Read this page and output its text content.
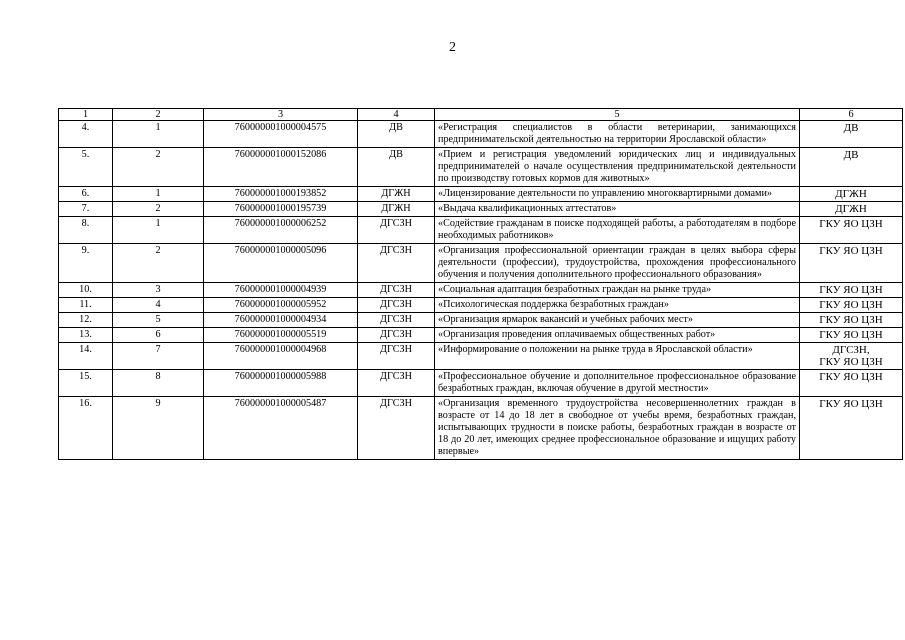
2
1	2	3	4	5	6
4.	1	760000001000004575	ДВ	«Регистрация специалистов в области ветеринарии, занимающихся предпринимательской деятельностью на территории Ярославской области»	ДВ

5.	2	760000001000152086	ДВ	«Прием и регистрация уведомлений юридических лиц и индивидуальных предпринимателей о начале осуществления предпринимательской деятельности по производству готовых кормов для животных»	ДВ

6.	1	760000001000193852	ДГЖН	«Лицензирование деятельности по управлению многоквартирными домами»	ДГЖН

7.	2	760000001000195739	ДГЖН	«Выдача квалификационных аттестатов»	ДГЖН

8.	1	760000001000006252	ДГСЗН	«Содействие гражданам в поиске подходящей работы, а работодателям в подборе необходимых работников»	ГКУ ЯО ЦЗН

9.	2	760000001000005096	ДГСЗН	«Организация профессиональной ориентации граждан в целях выбора сферы деятельности (профессии), трудоустройства, прохождения профессионального обучения и получения дополнительного профессионального образования»	ГКУ ЯО ЦЗН

10.	3	760000001000004939	ДГСЗН	«Социальная адаптация безработных граждан на рынке труда»	ГКУ ЯО ЦЗН

11.	4	760000001000005952	ДГСЗН	«Психологическая поддержка безработных граждан»	ГКУ ЯО ЦЗН

12.	5	760000001000004934	ДГСЗН	«Организация ярмарок вакансий и учебных рабочих мест»	ГКУ ЯО ЦЗН

13.	6	760000001000005519	ДГСЗН	«Организация проведения оплачиваемых общественных работ»	ГКУ ЯО ЦЗН

14.	7	760000001000004968	ДГСЗН	«Информирование о положении на рынке труда в Ярославской области»	ДГСЗН,
ГКУ ЯО ЦЗН

15.	8	760000001000005988	ДГСЗН	«Профессиональное обучение и дополнительное профессиональное образование безработных граждан, включая обучение в другой местности»	ГКУ ЯО ЦЗН

16.	9	760000001000005487	ДГСЗН	«Организация временного трудоустройства несовершеннолетних граждан в возрасте от 14 до 18 лет в свободное от учебы время, безработных граждан, испытывающих трудности в поиске работы, безработных граждан в возрасте от 18 до 20 лет, имеющих среднее профессиональное образование и ищущих работу впервые»	ГКУ ЯО ЦЗН
